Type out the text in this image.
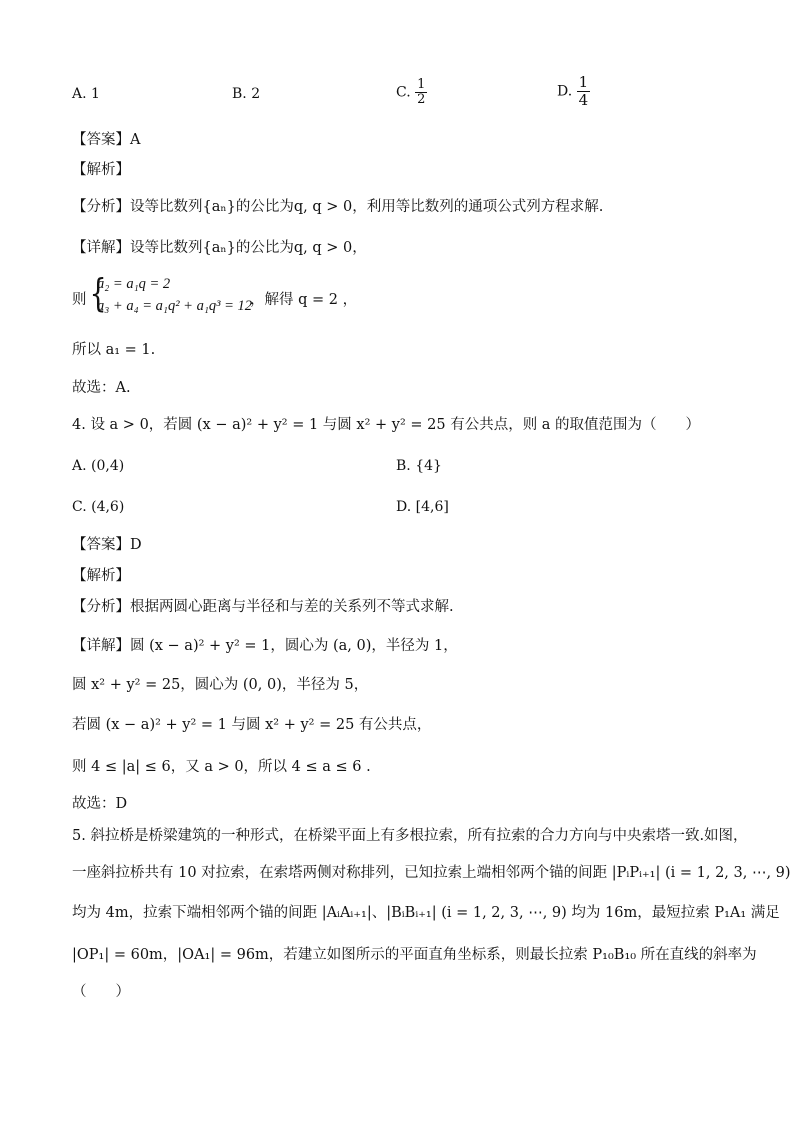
A. 1	B. 2	C. $\frac{1}{2}$	D. $\frac{1}{4}$
【答案】A
【解析】
【分析】设等比数列{aₙ}的公比为q, q > 0，利用等比数列的通项公式列方程求解.
【详解】设等比数列{aₙ}的公比为q, q > 0，
则 {
a₂ = a₁q = 2
a₃ + a₄ = a₁q² + a₁q³ = 12
，解得 q = 2 ，
所以 a₁ = 1.
故选：A.
4. 设 a > 0，若圆 (x − a)² + y² = 1 与圆 x² + y² = 25 有公共点，则 a 的取值范围为（　　）
A. (0,4)	B. {4}
C. (4,6)	D. [4,6]
【答案】D
【解析】
【分析】根据两圆心距离与半径和与差的关系列不等式求解.
【详解】圆 (x − a)² + y² = 1，圆心为 (a, 0)，半径为 1，
圆 x² + y² = 25，圆心为 (0, 0)，半径为 5，
若圆 (x − a)² + y² = 1 与圆 x² + y² = 25 有公共点，
则 4 ≤ |a| ≤ 6，又 a > 0，所以 4 ≤ a ≤ 6 .
故选：D
5. 斜拉桥是桥梁建筑的一种形式，在桥梁平面上有多根拉索，所有拉索的合力方向与中央索塔一致.如图，
一座斜拉桥共有 10 对拉索，在索塔两侧对称排列，已知拉索上端相邻两个锚的间距 |PᵢPᵢ₊₁| (i = 1, 2, 3, ⋯, 9)
均为 4m，拉索下端相邻两个锚的间距 |AᵢAᵢ₊₁|、|BᵢBᵢ₊₁| (i = 1, 2, 3, ⋯, 9) 均为 16m，最短拉索 P₁A₁ 满足
|OP₁| = 60m，|OA₁| = 96m，若建立如图所示的平面直角坐标系，则最长拉索 P₁₀B₁₀ 所在直线的斜率为
（　　）
